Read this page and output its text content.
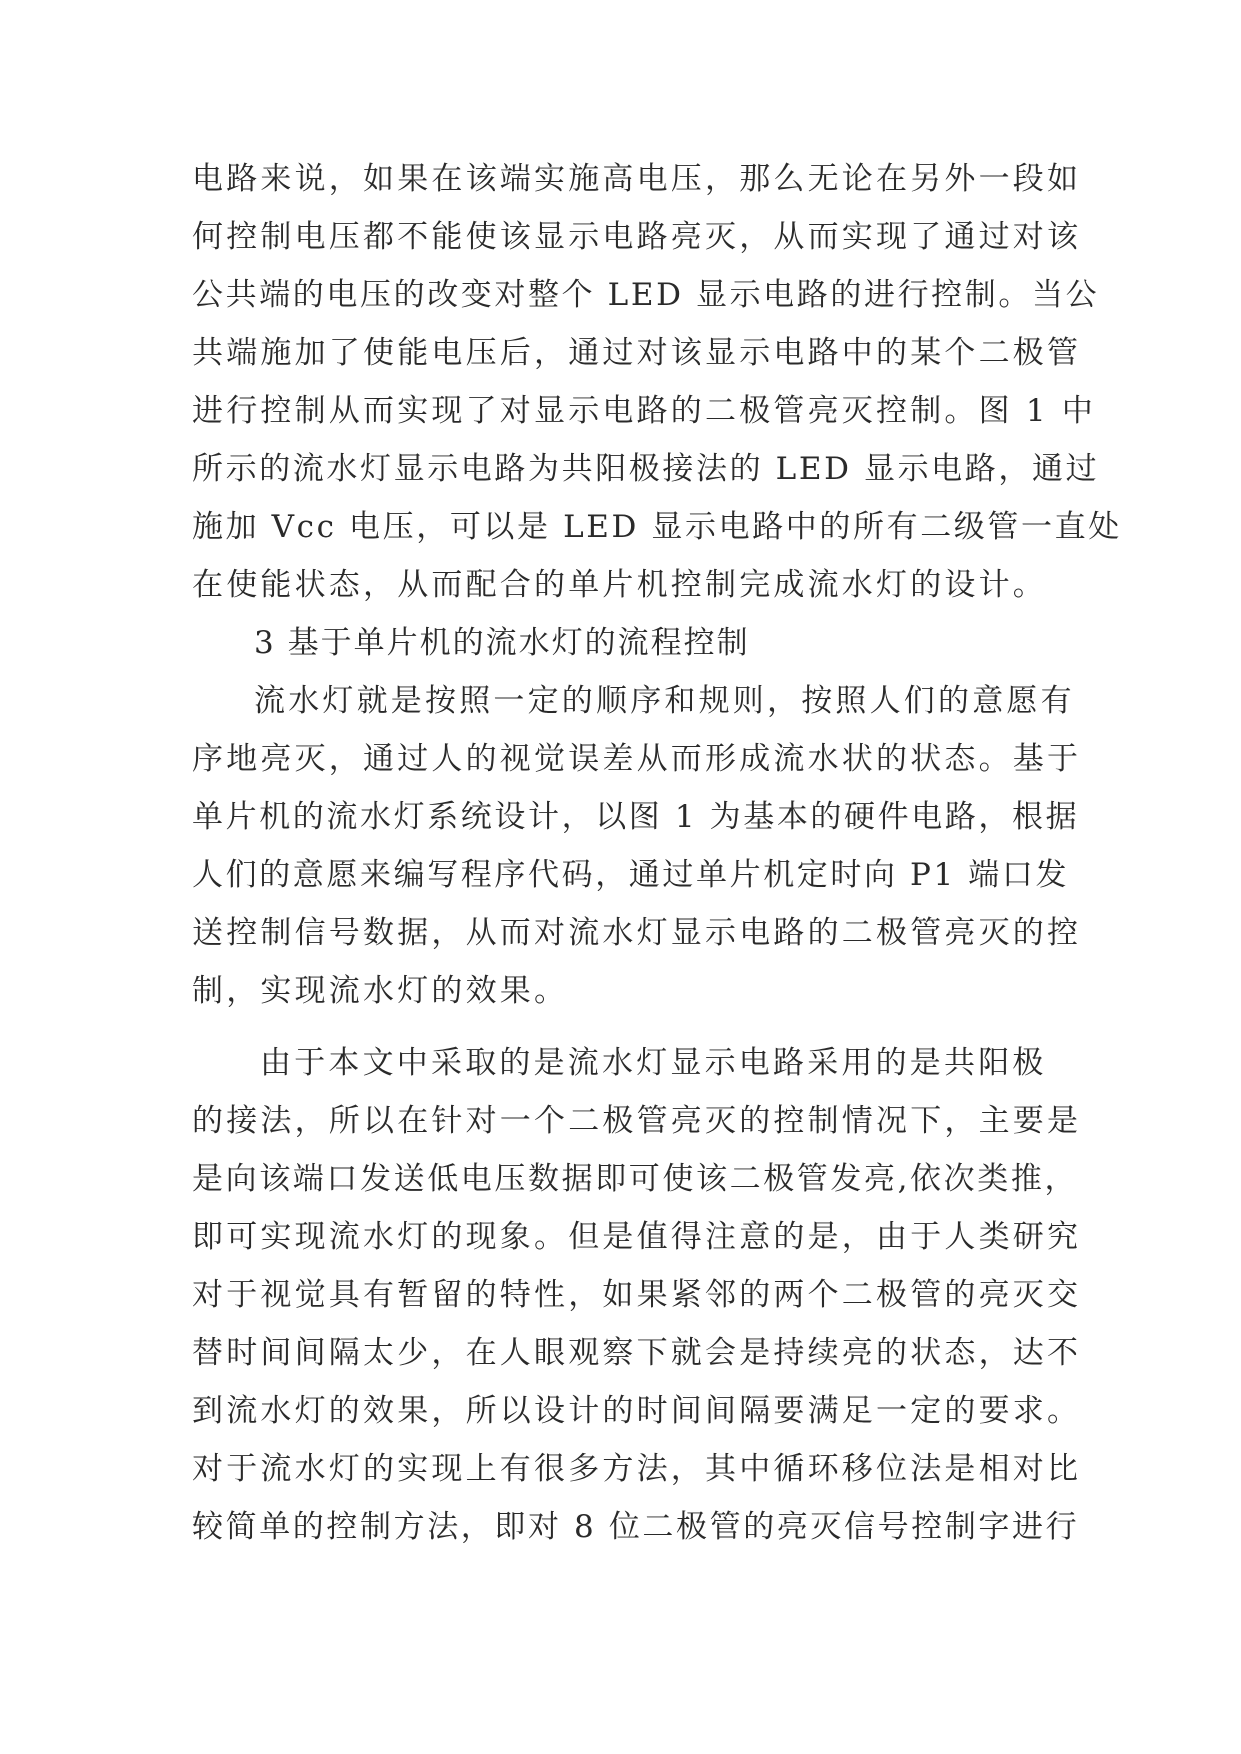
电路来说，如果在该端实施高电压，那么无论在另外一段如
何控制电压都不能使该显示电路亮灭，从而实现了通过对该
公共端的电压的改变对整个 LED 显示电路的进行控制。当公
共端施加了使能电压后，通过对该显示电路中的某个二极管
进行控制从而实现了对显示电路的二极管亮灭控制。图 1 中
所示的流水灯显示电路为共阳极接法的 LED 显示电路，通过
施加 Vcc 电压，可以是 LED 显示电路中的所有二级管一直处
在使能状态，从而配合的单片机控制完成流水灯的设计。
3 基于单片机的流水灯的流程控制
流水灯就是按照一定的顺序和规则，按照人们的意愿有
序地亮灭，通过人的视觉误差从而形成流水状的状态。基于
单片机的流水灯系统设计，以图 1 为基本的硬件电路，根据
人们的意愿来编写程序代码，通过单片机定时向 P1 端口发
送控制信号数据，从而对流水灯显示电路的二极管亮灭的控
制，实现流水灯的效果。
由于本文中采取的是流水灯显示电路采用的是共阳极
的接法，所以在针对一个二极管亮灭的控制情况下，主要是
是向该端口发送低电压数据即可使该二极管发亮,依次类推，
即可实现流水灯的现象。但是值得注意的是，由于人类研究
对于视觉具有暂留的特性，如果紧邻的两个二极管的亮灭交
替时间间隔太少，在人眼观察下就会是持续亮的状态，达不
到流水灯的效果，所以设计的时间间隔要满足一定的要求。
对于流水灯的实现上有很多方法，其中循环移位法是相对比
较简单的控制方法，即对 8 位二极管的亮灭信号控制字进行
